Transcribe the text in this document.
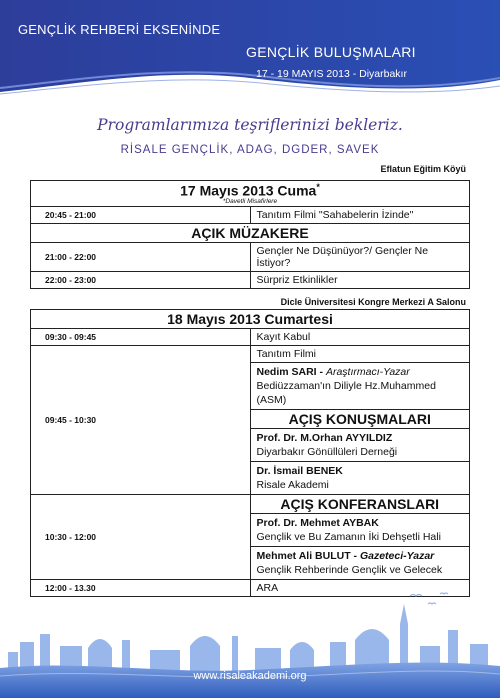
GENÇLİK REHBERİ EKSENİNDE
GENÇLİK BULUŞMALARI
17 - 19 MAYIS 2013 - Diyarbakır
Programlarımıza teşriflerinizi bekleriz.
RİSALE GENÇLİK, ADAG, DGDER, SAVEK
Eflatun Eğitim Köyü
17 Mayıs 2013 Cuma*
*Davetli Misafirlere	

20:45 - 21:00	Tanıtım Filmi "Sahabelerin İzinde"
AÇIK MÜZAKERE	
21:00 - 22:00	Gençler Ne Düşünüyor?/ Gençler Ne İstiyor?
22:00 - 23:00	Sürpriz Etkinlikler
Dicle Üniversitesi Kongre Merkezi A Salonu
18 Mayıs 2013 Cumartesi	
09:30 - 09:45	Kayıt Kabul
09:45 - 10:30	Tanıtım Filmi

	Nedim SARI - Araştırmacı-Yazar
Bediüzzaman'ın Diliyle Hz.Muhammed (ASM)

	AÇIŞ KONUŞMALARI

	Prof. Dr. M.Orhan AYYILDIZ
Diyarbakır Gönüllüleri Derneği

	Dr. İsmail BENEK
Risale Akademi

10:30 - 12:00	AÇIŞ KONFERANSLARI

	Prof. Dr. Mehmet AYBAK
Gençlik ve Bu Zamanın İki Dehşetli Hali

	Mehmet Ali BULUT - Gazeteci-Yazar
Gençlik Rehberinde Gençlik ve Gelecek

12:00 - 13.30	ARA
www.risaleakademi.org
